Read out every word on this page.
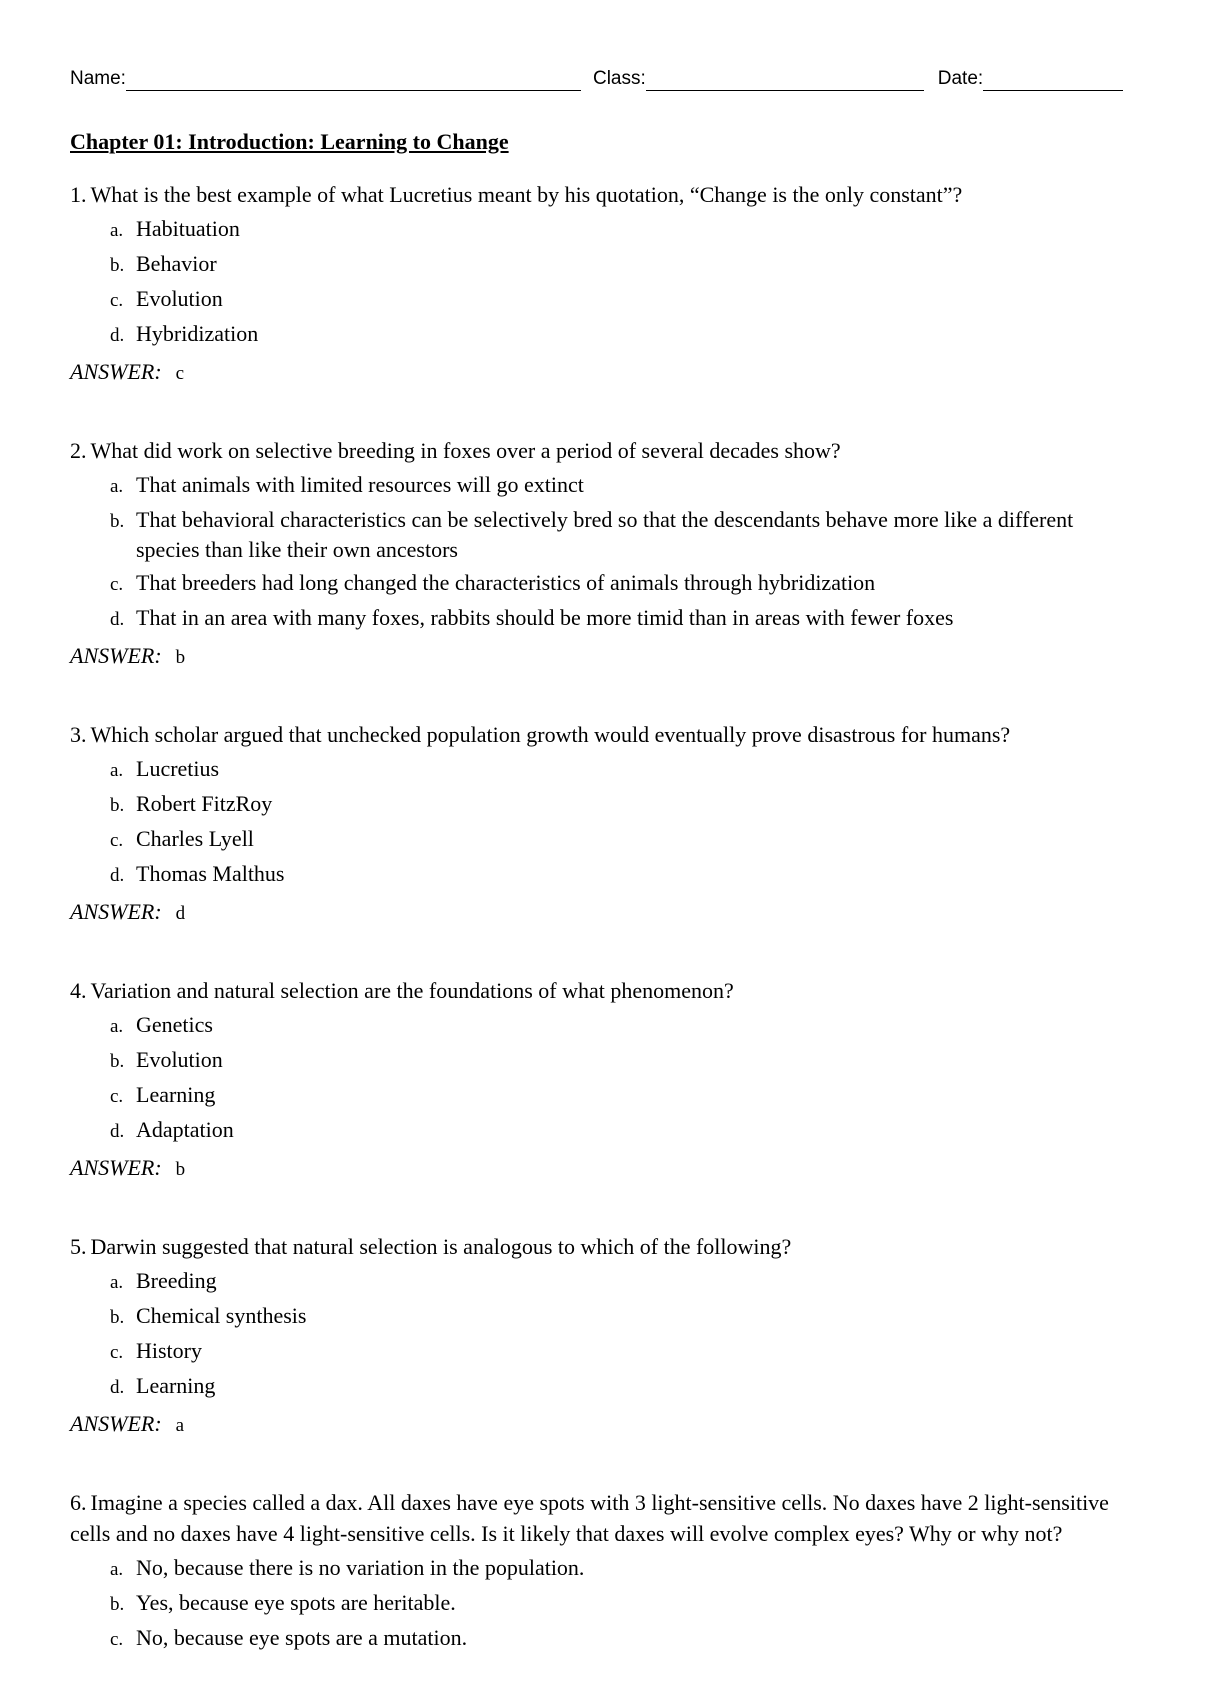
Name:	Class:	Date:
Chapter 01: Introduction: Learning to Change

1. What is the best example of what Lucretius meant by his quotation, “Change is the only constant”?

a. Habituation
b. Behavior
c. Evolution
d. Hybridization

ANSWER: c

2. What did work on selective breeding in foxes over a period of several decades show?

a. That animals with limited resources will go extinct
b. That behavioral characteristics can be selectively bred so that the descendants behave more like a different species than like their own ancestors
c. That breeders had long changed the characteristics of animals through hybridization
d. That in an area with many foxes, rabbits should be more timid than in areas with fewer foxes

ANSWER: b

3. Which scholar argued that unchecked population growth would eventually prove disastrous for humans?

a. Lucretius
b. Robert FitzRoy
c. Charles Lyell
d. Thomas Malthus

ANSWER: d

4. Variation and natural selection are the foundations of what phenomenon?

a. Genetics
b. Evolution
c. Learning
d. Adaptation

ANSWER: b

5. Darwin suggested that natural selection is analogous to which of the following?

a. Breeding
b. Chemical synthesis
c. History
d. Learning

ANSWER: a

6. Imagine a species called a dax. All daxes have eye spots with 3 light-sensitive cells. No daxes have 2 light-sensitive cells and no daxes have 4 light-sensitive cells. Is it likely that daxes will evolve complex eyes? Why or why not?

a. No, because there is no variation in the population.
b. Yes, because eye spots are heritable.
c. No, because eye spots are a mutation.
